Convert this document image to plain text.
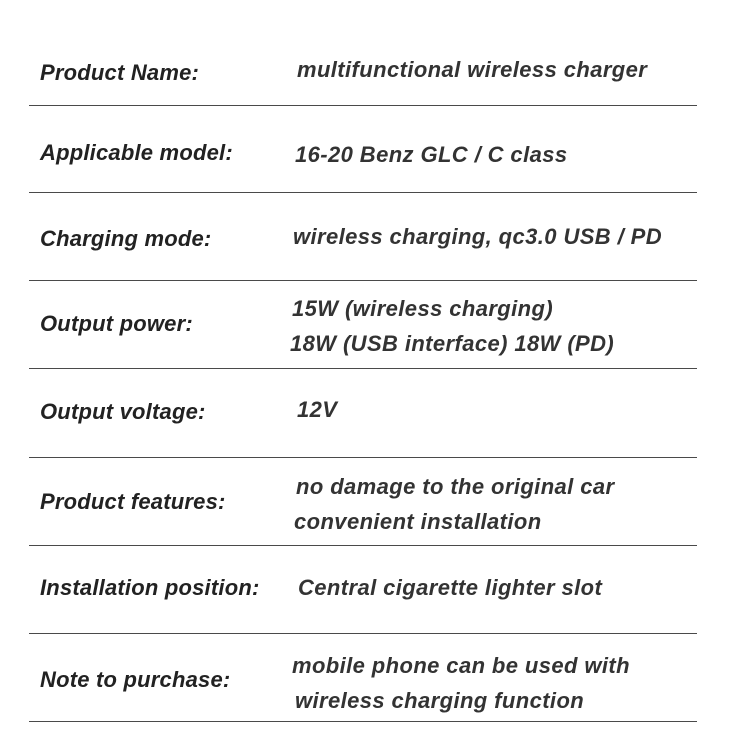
Product Name:	multifunctional wireless charger
Applicable model:	16-20 Benz GLC / C class
Charging mode:	wireless charging, qc3.0 USB / PD
Output power:
15W (wireless charging)
18W (USB interface) 18W (PD)
Output voltage:	12V
Product features:
no damage to the original car
convenient installation
Installation position: Central cigarette lighter slot
Note to purchase:
mobile phone can be used with
wireless charging function
